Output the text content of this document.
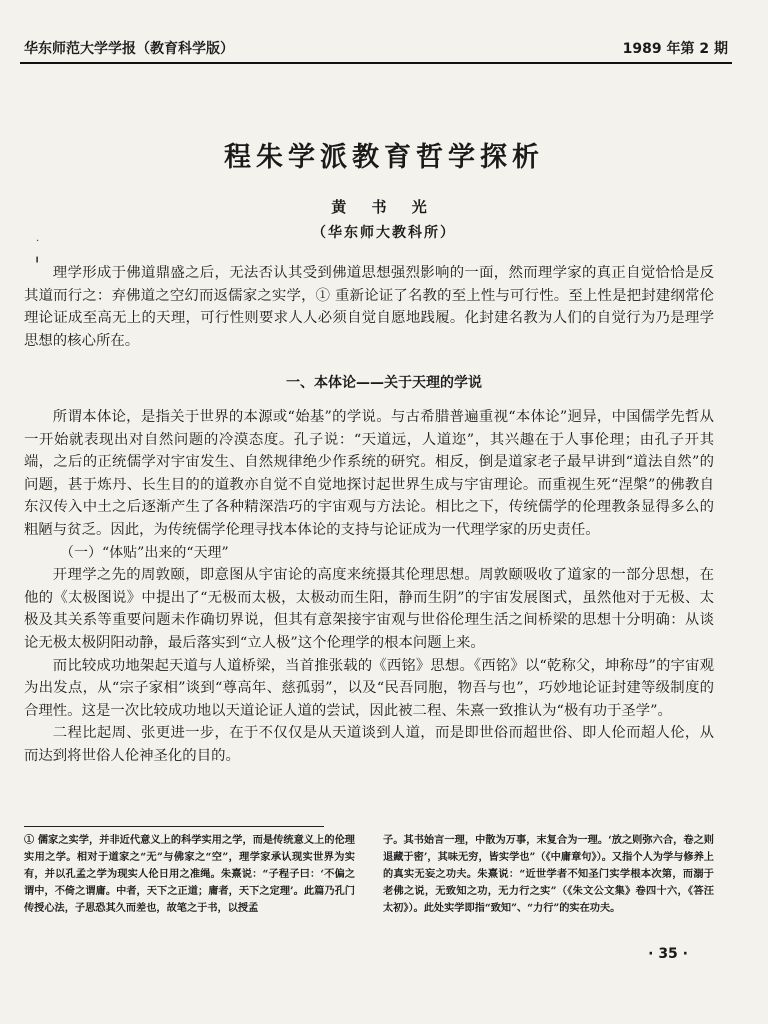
华东师范大学学报（教育科学版）	1989 年第 2 期
·
╻
程朱学派教育哲学探析
黄 书 光
（华东师大教科所）

理学形成于佛道鼎盛之后，无法否认其受到佛道思想强烈影响的一面，然而理学家的真正自觉恰恰是反其道而行之：弃佛道之空幻而返儒家之实学，① 重新论证了名教的至上性与可行性。至上性是把封建纲常伦理论证成至高无上的天理，可行性则要求人人必须自觉自愿地践履。化封建名教为人们的自觉行为乃是理学思想的核心所在。

一、本体论——关于天理的学说

所谓本体论，是指关于世界的本源或“始基”的学说。与古希腊普遍重视“本体论”迥异，中国儒学先哲从一开始就表现出对自然问题的冷漠态度。孔子说：“天道远，人道迩”，其兴趣在于人事伦理；由孔子开其端，之后的正统儒学对宇宙发生、自然规律绝少作系统的研究。相反，倒是道家老子最早讲到“道法自然”的问题，甚于炼丹、长生目的的道教亦自觉不自觉地探讨起世界生成与宇宙理论。而重视生死“涅槃”的佛教自东汉传入中土之后逐渐产生了各种精深浩巧的宇宙观与方法论。相比之下，传统儒学的伦理教条显得多么的粗陋与贫乏。因此，为传统儒学伦理寻找本体论的支持与论证成为一代理学家的历史责任。

（一）“体贴”出来的“天理”

开理学之先的周敦颐，即意图从宇宙论的高度来统摄其伦理思想。周敦颐吸收了道家的一部分思想，在他的《太极图说》中提出了“无极而太极，太极动而生阳，静而生阴”的宇宙发展图式，虽然他对于无极、太极及其关系等重要问题未作确切界说，但其有意架接宇宙观与世俗伦理生活之间桥梁的思想十分明确：从谈论无极太极阴阳动静，最后落实到“立人极”这个伦理学的根本问题上来。

而比较成功地架起天道与人道桥梁，当首推张载的《西铭》思想。《西铭》以“乾称父，坤称母”的宇宙观为出发点，从“宗子家相”谈到“尊高年、慈孤弱”，以及“民吾同胞，物吾与也”，巧妙地论证封建等级制度的合理性。这是一次比较成功地以天道论证人道的尝试，因此被二程、朱熹一致推认为“极有功于圣学”。

二程比起周、张更进一步，在于不仅仅是从天道谈到人道，而是即世俗而超世俗、即人伦而超人伦，从而达到将世俗人伦神圣化的目的。

① 儒家之实学，并非近代意义上的科学实用之学，而是传统意义上的伦理实用之学。相对于道家之“无”与佛家之“空”，理学家承认现实世界为实有，并以孔孟之学为现实人伦日用之准绳。朱熹说：“子程子曰：‘不偏之谓中，不倚之谓庸。中者，天下之正道；庸者，天下之定理’。此篇乃孔门传授心法，子思恐其久而差也，故笔之于书，以授孟
子。其书始言一理，中散为万事，末复合为一理。‘放之则弥六合，卷之则退藏于密’，其味无穷，皆实学也”（《中庸章句》）。又指个人为学与修养上的真实无妄之功夫。朱熹说：“近世学者不知圣门实学根本次第，而溺于老佛之说，无致知之功，无力行之实”（《朱文公文集》卷四十六，《答汪太初》）。此处实学即指“致知”、“力行”的实在功夫。
· 35 ·
